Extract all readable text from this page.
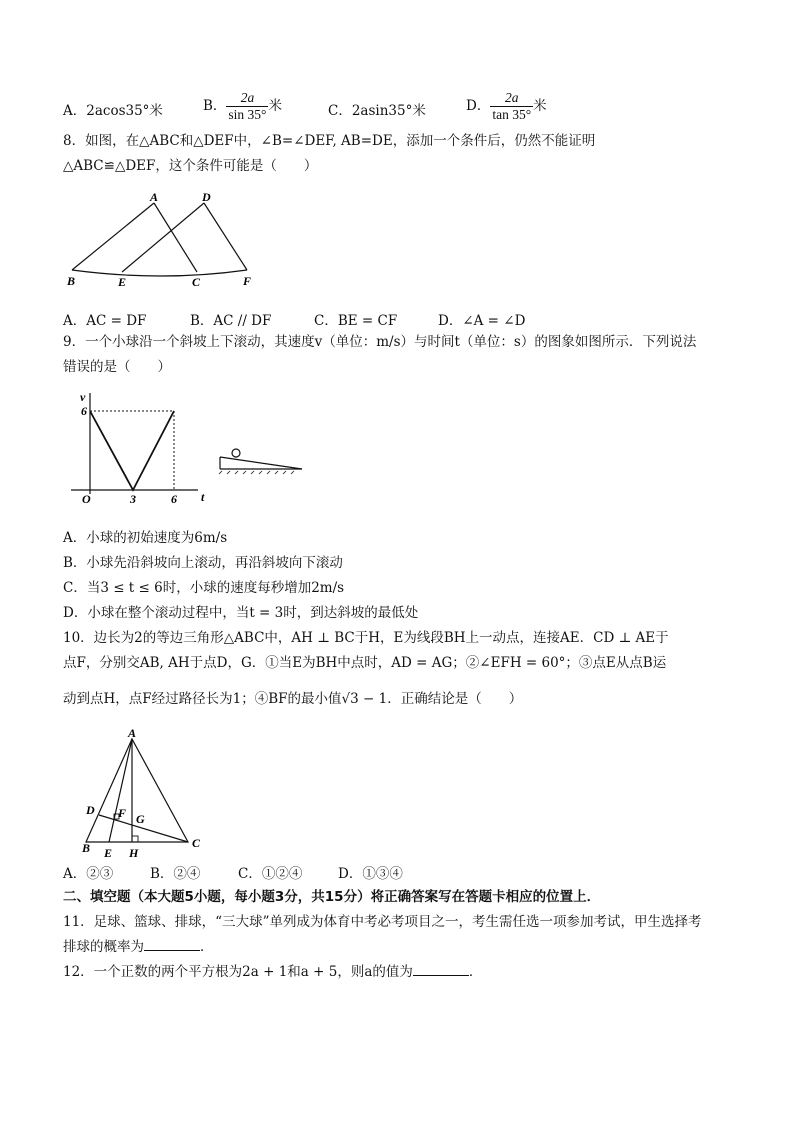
A．2acos35°米	B． $\frac{2a}{\sin 35^\circ}$ 米	C．2asin35°米	D． $\frac{2a}{\tan 35^\circ}$ 米
8．如图，在△ABC和△DEF中，∠B=∠DEF, AB=DE，添加一个条件后，仍然不能证明
△ABC≌△DEF，这个条件可能是（　　）
A	D
B	E	C	F
A．AC = DF	B．AC // DF	C．BE = CF	D．∠A = ∠D
9．一个小球沿一个斜坡上下滚动，其速度v（单位：m/s）与时间t（单位：s）的图象如图所示．下列说法
错误的是（　　）
v
t
O
6
3	6
A．小球的初始速度为6m/s
B．小球先沿斜坡向上滚动，再沿斜坡向下滚动
C．当3 ≤ t ≤ 6时，小球的速度每秒增加2m/s
D．小球在整个滚动过程中，当t = 3时，到达斜坡的最低处
10．边长为2的等边三角形△ABC中，AH ⊥ BC于H，E为线段BH上一动点，连接AE．CD ⊥ AE于
点F，分别交AB, AH于点D，G．①当E为BH中点时，AD = AG；②∠EFH = 60°；③点E从点B运
动到点H，点F经过路径长为1；④BF的最小值√3 − 1．正确结论是（　　）
A
D F G
B E H
C
A．②③	B．②④	C．①②④	D．①③④
二、填空题（本大题5小题，每小题3分，共15分）将正确答案写在答题卡相应的位置上．
11．足球、篮球、排球，“三大球”单列成为体育中考必考项目之一，考生需任选一项参加考试，甲生选择考
排球的概率为	．
12．一个正数的两个平方根为2a + 1和a + 5，则a的值为	．
